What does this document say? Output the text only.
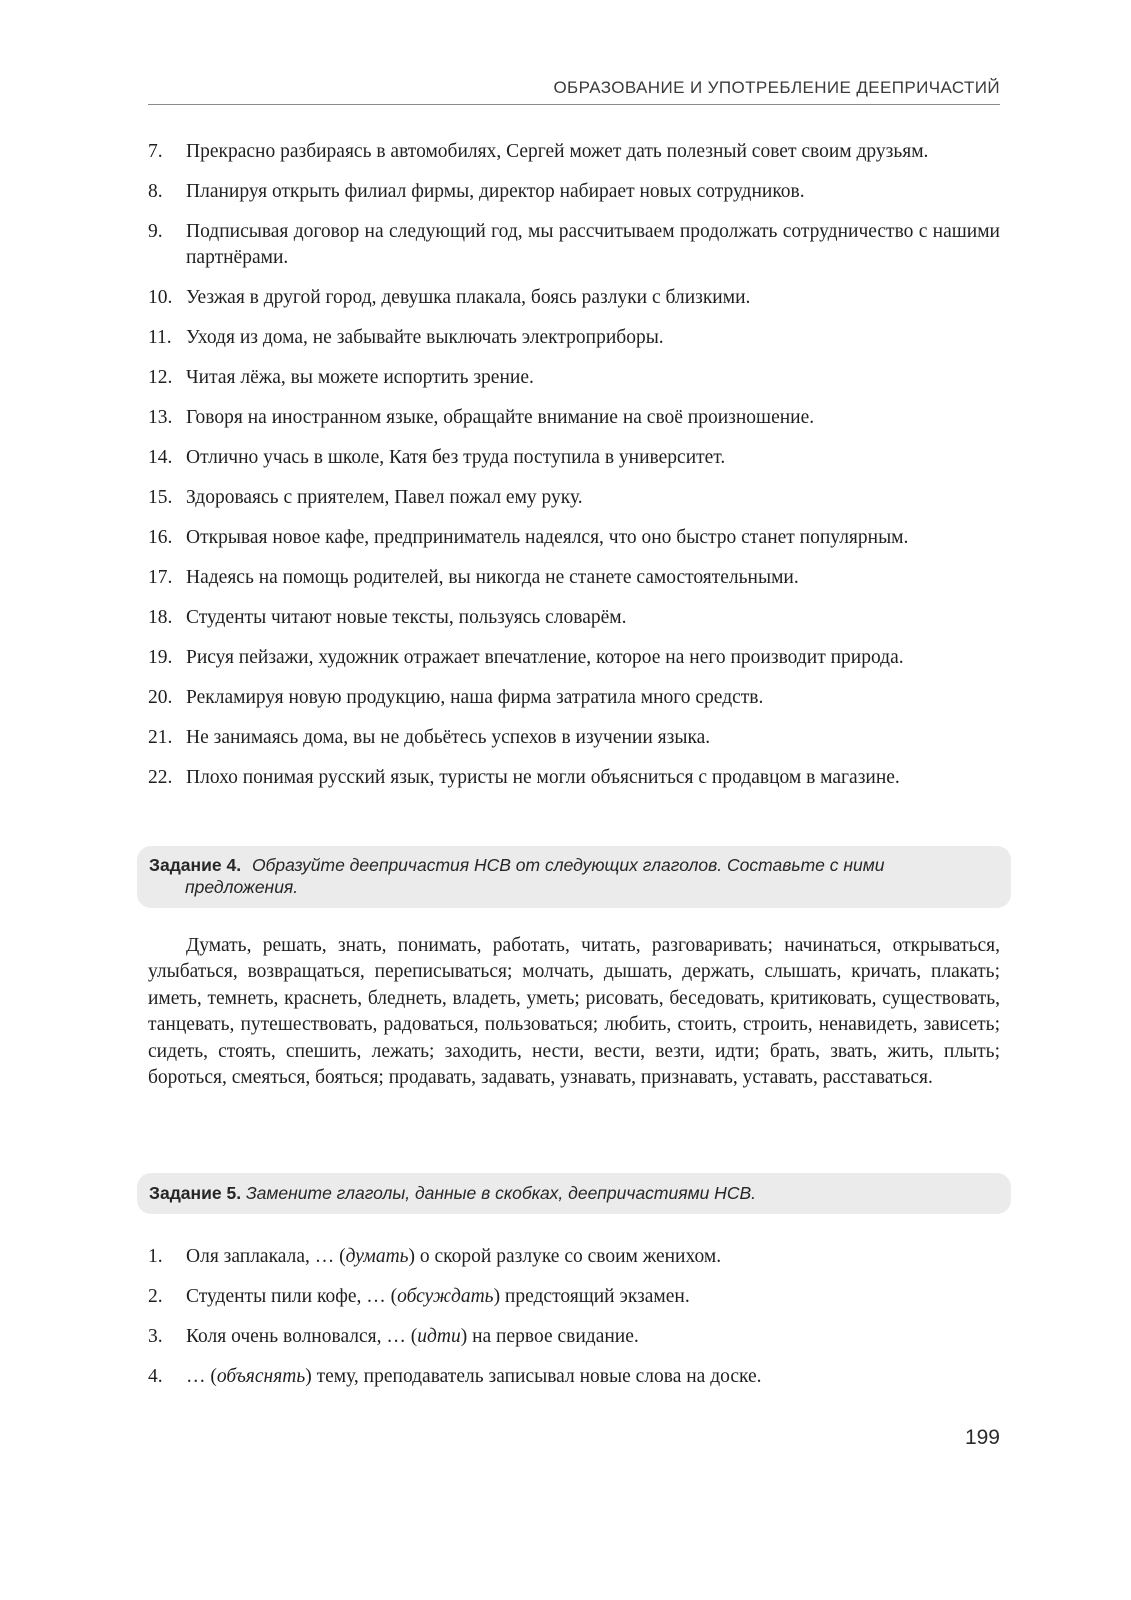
ОБРАЗОВАНИЕ И УПОТРЕБЛЕНИЕ ДЕЕПРИЧАСТИЙ
7.	Прекрасно разбираясь в автомобилях, Сергей может дать полезный совет своим друзьям.
8.	Планируя открыть филиал фирмы, директор набирает новых сотрудников.
9.	Подписывая договор на следующий год, мы рассчитываем продолжать сотрудничество с нашими партнёрами.
10. Уезжая в другой город, девушка плакала, боясь разлуки с близкими.
11. Уходя из дома, не забывайте выключать электроприборы.
12. Читая лёжа, вы можете испортить зрение.
13. Говоря на иностранном языке, обращайте внимание на своё произношение.
14. Отлично учась в школе, Катя без труда поступила в университет.
15. Здороваясь с приятелем, Павел пожал ему руку.
16. Открывая новое кафе, предприниматель надеялся, что оно быстро станет популярным.
17. Надеясь на помощь родителей, вы никогда не станете самостоятельными.
18. Студенты читают новые тексты, пользуясь словарём.
19. Рисуя пейзажи, художник отражает впечатление, которое на него производит природа.
20. Рекламируя новую продукцию, наша фирма затратила много средств.
21. Не занимаясь дома, вы не добьётесь успехов в изучении языка.
22. Плохо понимая русский язык, туристы не могли объясниться с продавцом в магазине.
Задание 4. Образуйте деепричастия НСВ от следующих глаголов. Составьте с ними
предложения.

Думать, решать, знать, понимать, работать, читать, разговаривать; начинаться, открываться, улыбаться, возвращаться, переписываться; молчать, дышать, держать, слышать, кричать, плакать; иметь, темнеть, краснеть, бледнеть, владеть, уметь; рисовать, беседовать, критиковать, существовать, танцевать, путешествовать, радоваться, пользоваться; любить, стоить, строить, ненавидеть, зависеть; сидеть, стоять, спешить, лежать; заходить, нести, вести, везти, идти; брать, звать, жить, плыть; бороться, смеяться, бояться; продавать, задавать, узнавать, признавать, уставать, расставаться.

Задание 5. Замените глаголы, данные в скобках, деепричастиями НСВ.
1.	Оля заплакала, … (думать) о скорой разлуке со своим женихом.
2.	Студенты пили кофе, … (обсуждать) предстоящий экзамен.
3.	Коля очень волновался, … (идти) на первое свидание.
4.	… (объяснять) тему, преподаватель записывал новые слова на доске.
199
